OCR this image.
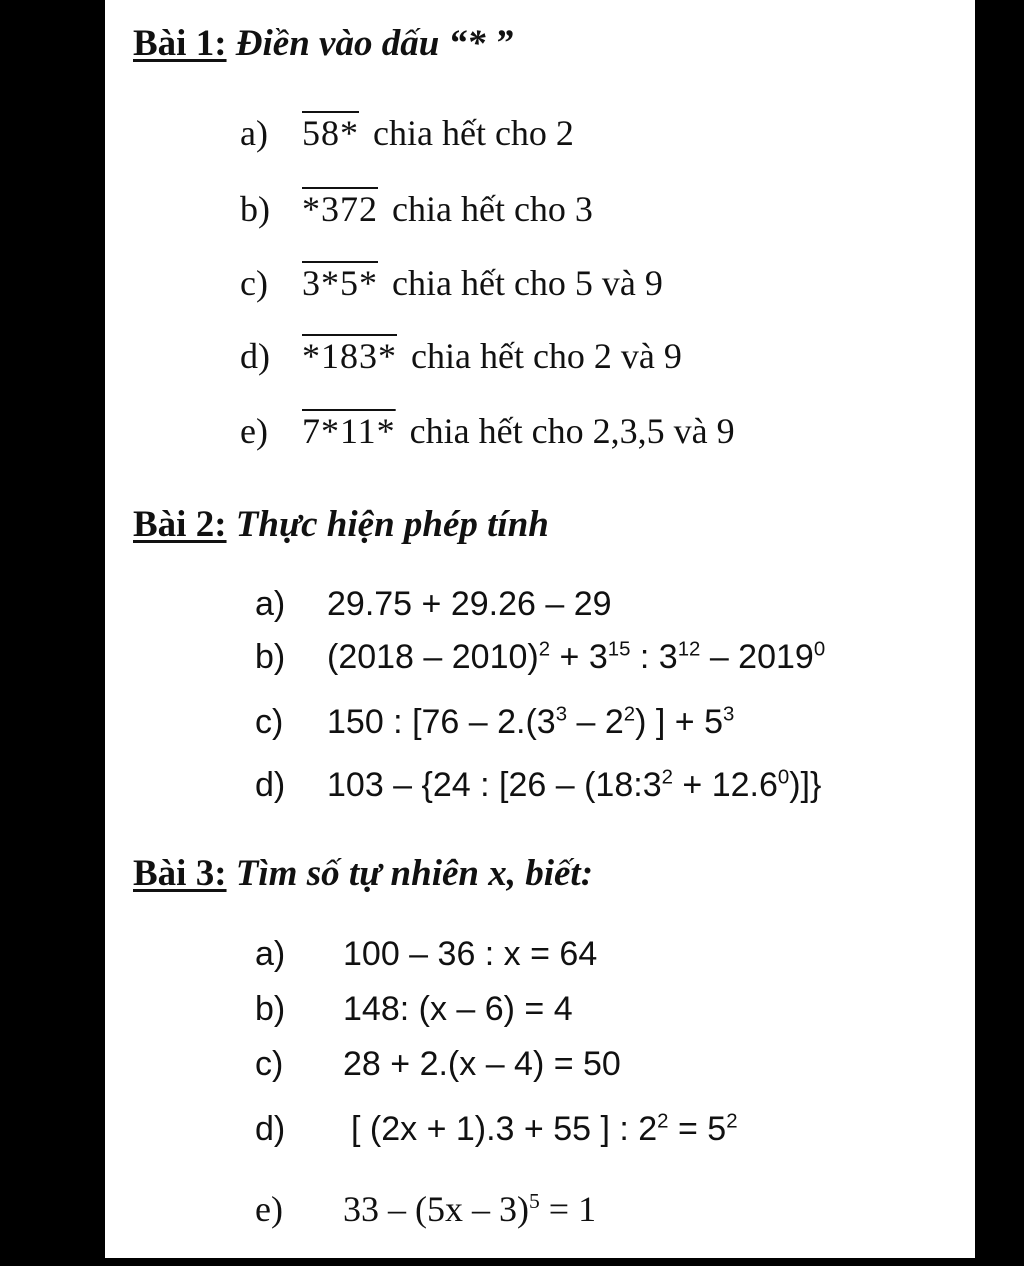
Bài 1: Điền vào dấu “* ”
a) 58* chia hết cho 2
b) *372 chia hết cho 3
c) 3*5* chia hết cho 5 và 9
d) *183* chia hết cho 2 và 9
e) 7*11* chia hết cho 2,3,5 và 9
Bài 2: Thực hiện phép tính
a) 29.75 + 29.26 – 29
b) $(2018 - 2010)^2 + 3^{15}$ : $3^{12} - 2019^0$
c) 150 : [$76 - 2.(3^3 - 2^2)$ ] + $5^3$
d) 103 – {24 : $[26 - (18:3^2 + 12.6^0)]$}
Bài 3: Tìm số tự nhiên x, biết:
a) 100 – 36 : x = 64
b) 148: (x – 6) = 4
c) 28 + 2.(x – 4) = 50
d) [ (2x + 1).3 + 55 ] : $2^2 = 5^2$
e) 33 – (5x – 3)$^5$ = 1
